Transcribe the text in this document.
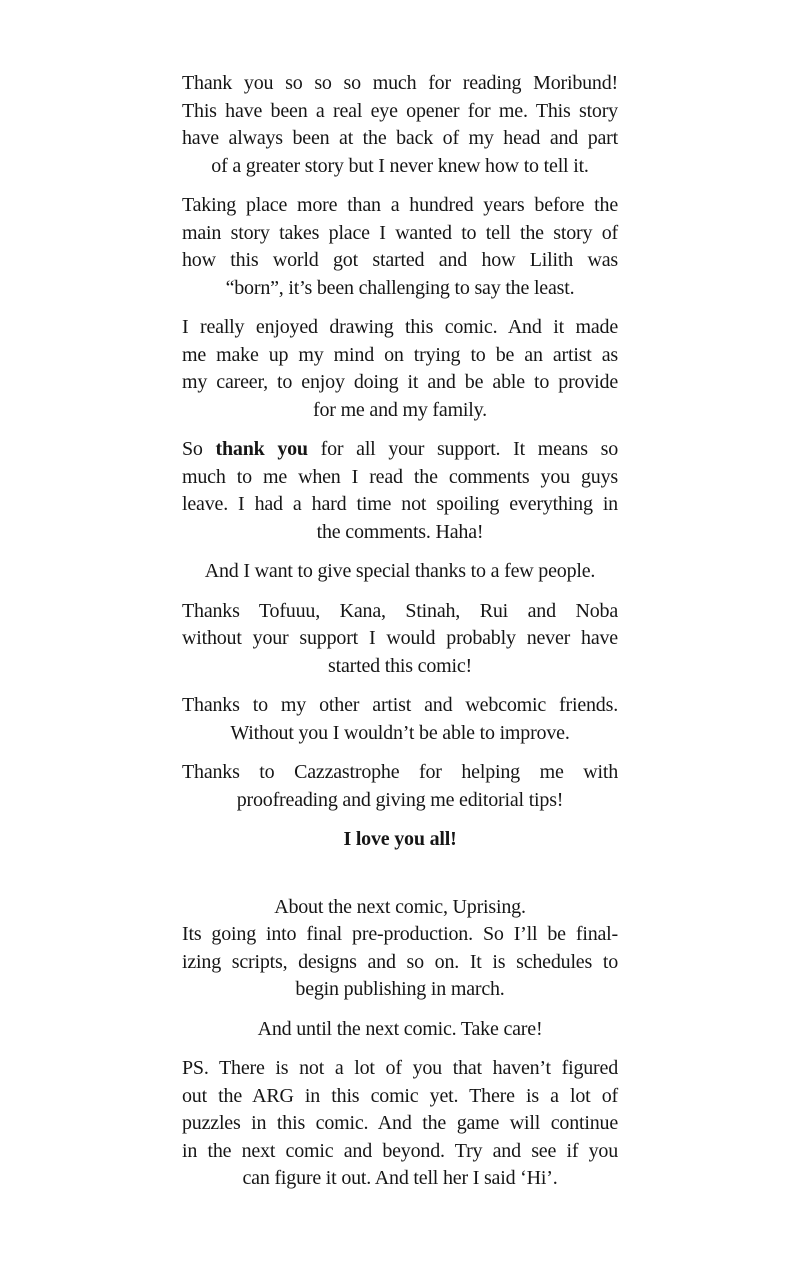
Thank you so so so much for reading Moribund!
This have been a real eye opener for me. This story
have always been at the back of my head and part
of a greater story but I never knew how to tell it.
Taking place more than a hundred years before the
main story takes place I wanted to tell the story of
how this world got started and how Lilith was
“born”, it’s been challenging to say the least.
I really enjoyed drawing this comic. And it made
me make up my mind on trying to be an artist as
my career, to enjoy doing it and be able to provide
for me and my family.
So thank you for all your support. It means so
much to me when I read the comments you guys
leave. I had a hard time not spoiling everything in
the comments. Haha!
And I want to give special thanks to a few people.
Thanks Tofuuu, Kana, Stinah, Rui and Noba
without your support I would probably never have
started this comic!
Thanks to my other artist and webcomic friends.
Without you I wouldn’t be able to improve.
Thanks to Cazzastrophe for helping me with
proofreading and giving me editorial tips!
I love you all!
About the next comic, Uprising.
Its going into final pre-production. So I’ll be final-
izing scripts, designs and so on. It is schedules to
begin publishing in march.
And until the next comic. Take care!
PS. There is not a lot of you that haven’t figured
out the ARG in this comic yet. There is a lot of
puzzles in this comic. And the game will continue
in the next comic and beyond. Try and see if you
can figure it out. And tell her I said ‘Hi’.
